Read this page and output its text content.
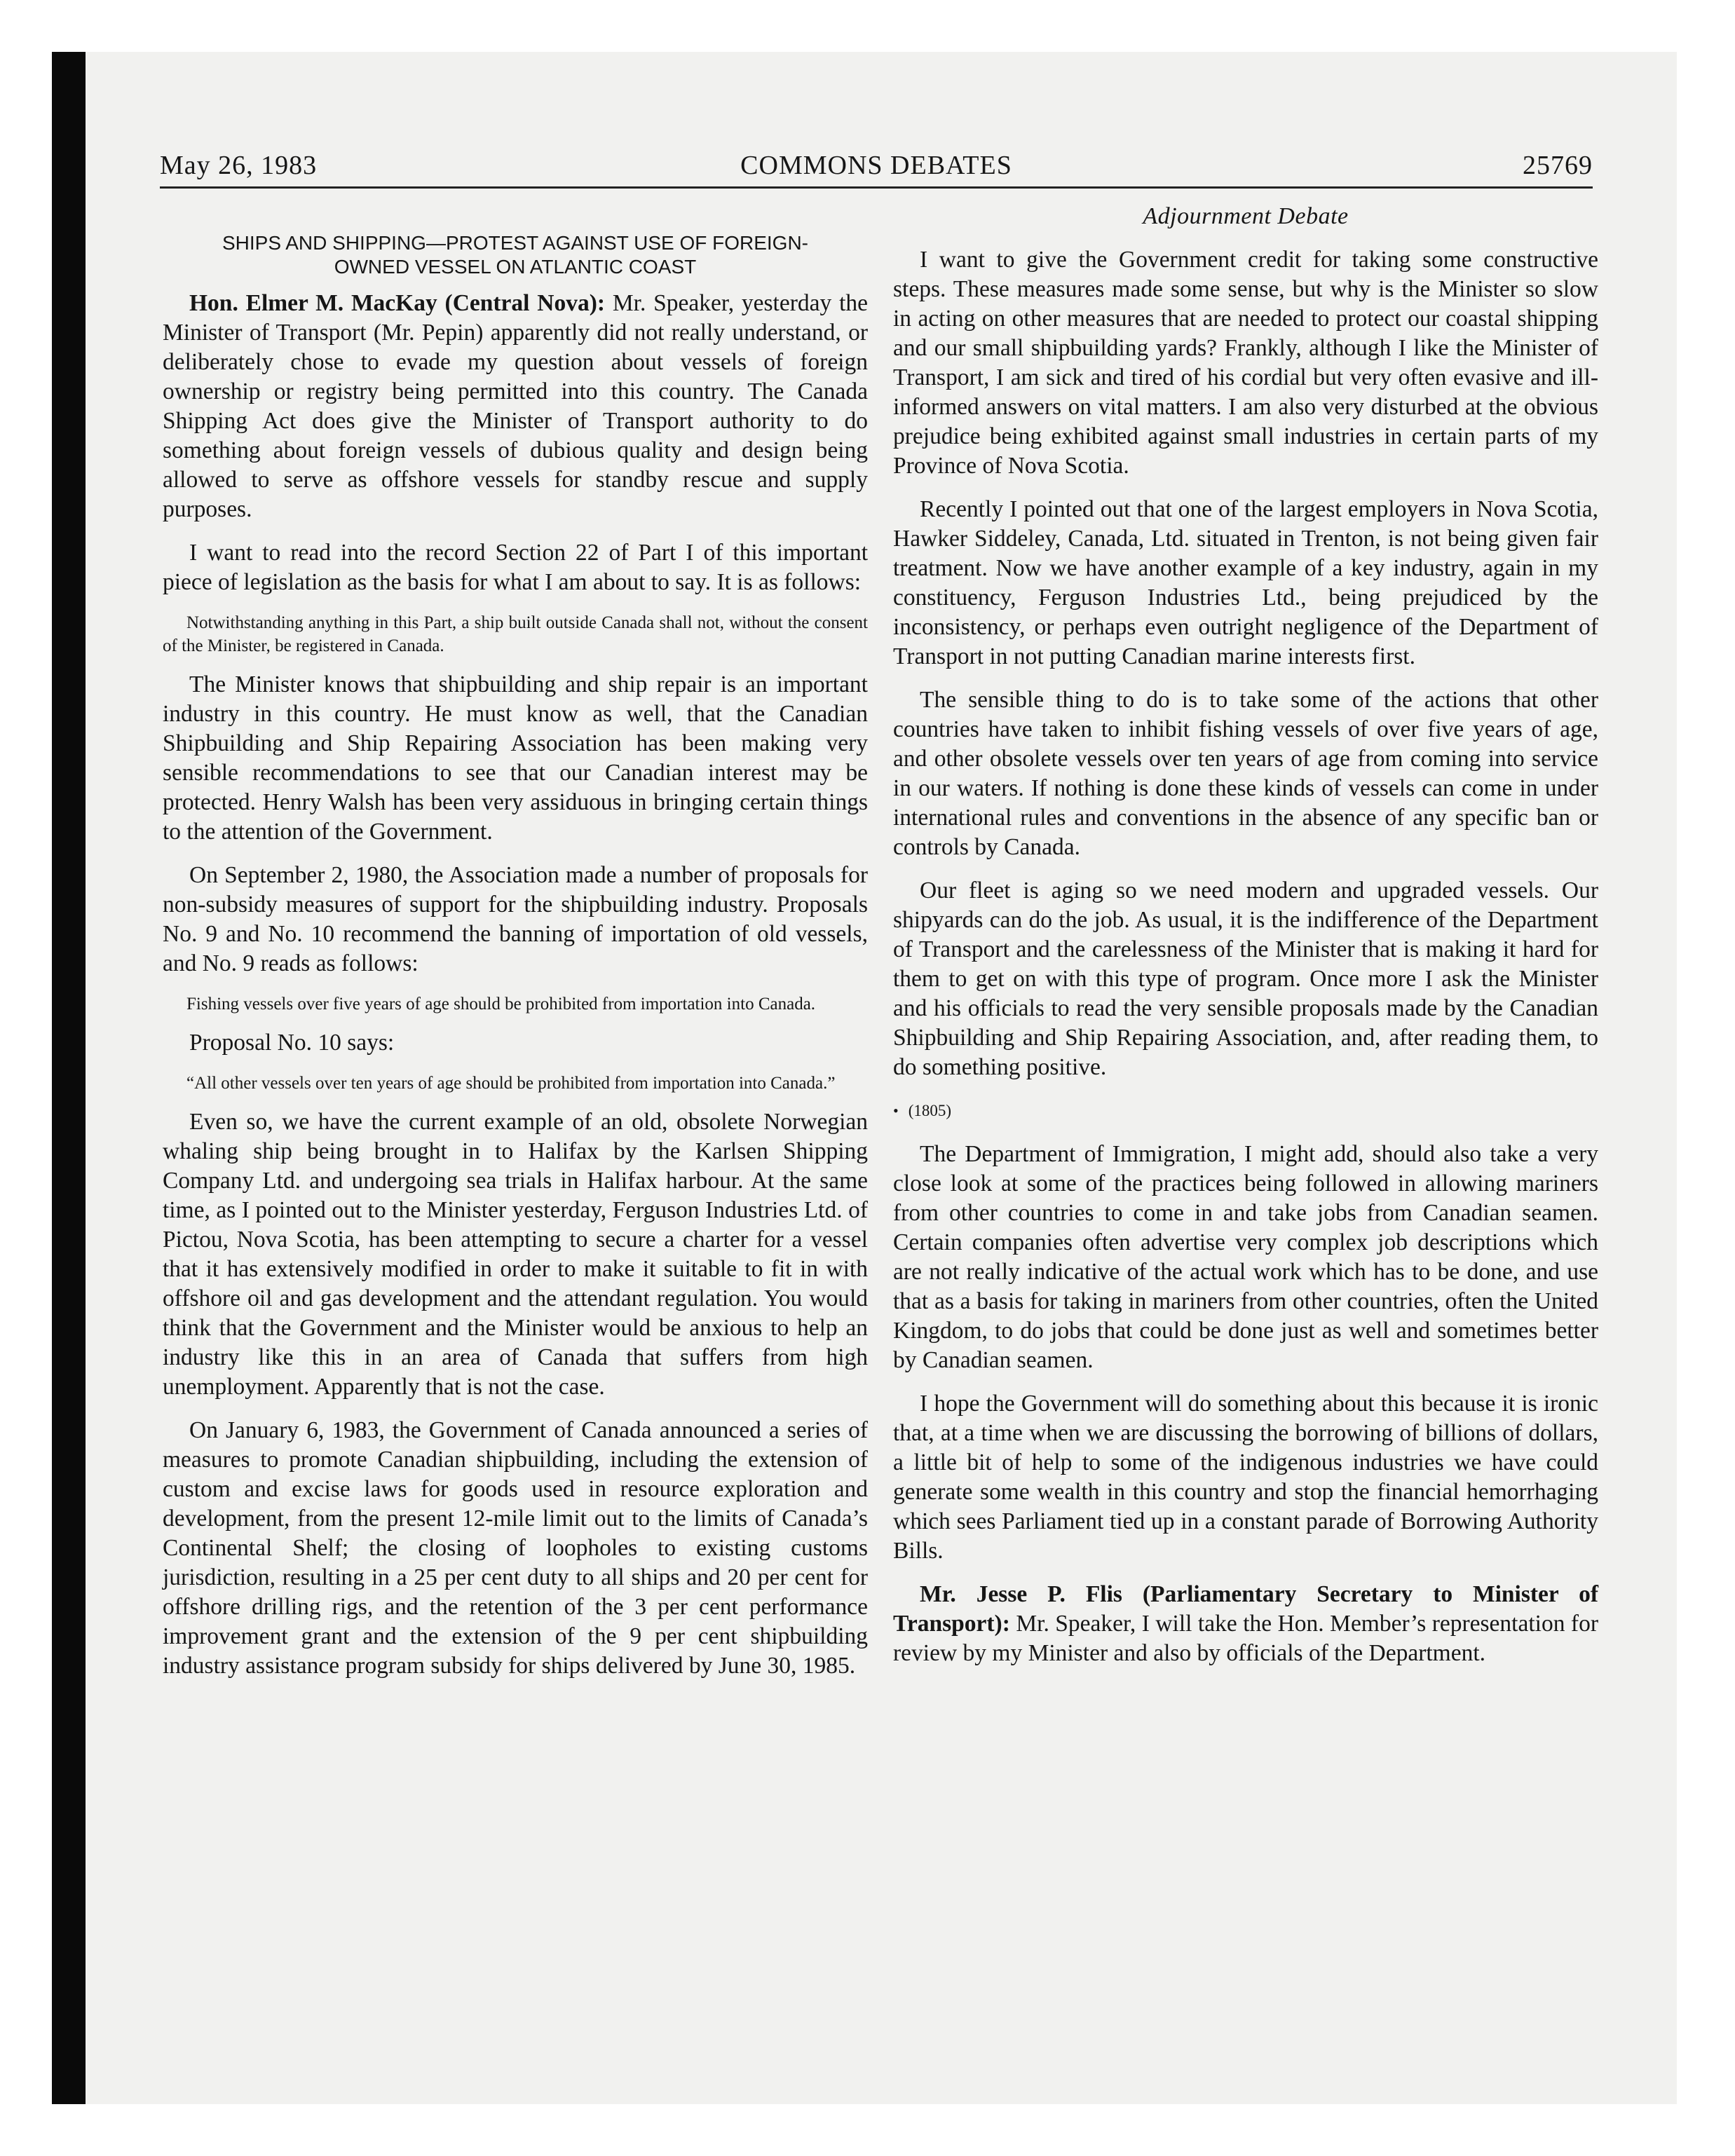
May 26, 1983	COMMONS DEBATES	25769
SHIPS AND SHIPPING—PROTEST AGAINST USE OF FOREIGN-OWNED VESSEL ON ATLANTIC COAST

Hon. Elmer M. MacKay (Central Nova): Mr. Speaker, yesterday the Minister of Transport (Mr. Pepin) apparently did not really understand, or deliberately chose to evade my question about vessels of foreign ownership or registry being permitted into this country. The Canada Shipping Act does give the Minister of Transport authority to do something about foreign vessels of dubious quality and design being allowed to serve as offshore vessels for standby rescue and supply purposes.

I want to read into the record Section 22 of Part I of this important piece of legislation as the basis for what I am about to say. It is as follows:

Notwithstanding anything in this Part, a ship built outside Canada shall not, without the consent of the Minister, be registered in Canada.

The Minister knows that shipbuilding and ship repair is an important industry in this country. He must know as well, that the Canadian Shipbuilding and Ship Repairing Association has been making very sensible recommendations to see that our Canadian interest may be protected. Henry Walsh has been very assiduous in bringing certain things to the attention of the Government.

On September 2, 1980, the Association made a number of proposals for non-subsidy measures of support for the shipbuilding industry. Proposals No. 9 and No. 10 recommend the banning of importation of old vessels, and No. 9 reads as follows:

Fishing vessels over five years of age should be prohibited from importation into Canada.

Proposal No. 10 says:

“All other vessels over ten years of age should be prohibited from importation into Canada.”

Even so, we have the current example of an old, obsolete Norwegian whaling ship being brought in to Halifax by the Karlsen Shipping Company Ltd. and undergoing sea trials in Halifax harbour. At the same time, as I pointed out to the Minister yesterday, Ferguson Industries Ltd. of Pictou, Nova Scotia, has been attempting to secure a charter for a vessel that it has extensively modified in order to make it suitable to fit in with offshore oil and gas development and the attendant regulation. You would think that the Government and the Minister would be anxious to help an industry like this in an area of Canada that suffers from high unemployment. Apparently that is not the case.

On January 6, 1983, the Government of Canada announced a series of measures to promote Canadian shipbuilding, including the extension of custom and excise laws for goods used in resource exploration and development, from the present 12-mile limit out to the limits of Canada’s Continental Shelf; the closing of loopholes to existing customs jurisdiction, resulting in a 25 per cent duty to all ships and 20 per cent for offshore drilling rigs, and the retention of the 3 per cent performance improvement grant and the extension of the 9 per cent shipbuilding industry assistance program subsidy for ships delivered by June 30, 1985.

Adjournment Debate

I want to give the Government credit for taking some constructive steps. These measures made some sense, but why is the Minister so slow in acting on other measures that are needed to protect our coastal shipping and our small shipbuilding yards? Frankly, although I like the Minister of Transport, I am sick and tired of his cordial but very often evasive and ill-informed answers on vital matters. I am also very disturbed at the obvious prejudice being exhibited against small industries in certain parts of my Province of Nova Scotia.

Recently I pointed out that one of the largest employers in Nova Scotia, Hawker Siddeley, Canada, Ltd. situated in Trenton, is not being given fair treatment. Now we have another example of a key industry, again in my constituency, Ferguson Industries Ltd., being prejudiced by the inconsistency, or perhaps even outright negligence of the Department of Transport in not putting Canadian marine interests first.

The sensible thing to do is to take some of the actions that other countries have taken to inhibit fishing vessels of over five years of age, and other obsolete vessels over ten years of age from coming into service in our waters. If nothing is done these kinds of vessels can come in under international rules and conventions in the absence of any specific ban or controls by Canada.

Our fleet is aging so we need modern and upgraded vessels. Our shipyards can do the job. As usual, it is the indifference of the Department of Transport and the carelessness of the Minister that is making it hard for them to get on with this type of program. Once more I ask the Minister and his officials to read the very sensible proposals made by the Canadian Shipbuilding and Ship Repairing Association, and, after reading them, to do something positive.

• (1805)

The Department of Immigration, I might add, should also take a very close look at some of the practices being followed in allowing mariners from other countries to come in and take jobs from Canadian seamen. Certain companies often advertise very complex job descriptions which are not really indicative of the actual work which has to be done, and use that as a basis for taking in mariners from other countries, often the United Kingdom, to do jobs that could be done just as well and sometimes better by Canadian seamen.

I hope the Government will do something about this because it is ironic that, at a time when we are discussing the borrowing of billions of dollars, a little bit of help to some of the indigenous industries we have could generate some wealth in this country and stop the financial hemorrhaging which sees Parliament tied up in a constant parade of Borrowing Authority Bills.

Mr. Jesse P. Flis (Parliamentary Secretary to Minister of Transport): Mr. Speaker, I will take the Hon. Member’s representation for review by my Minister and also by officials of the Department.
